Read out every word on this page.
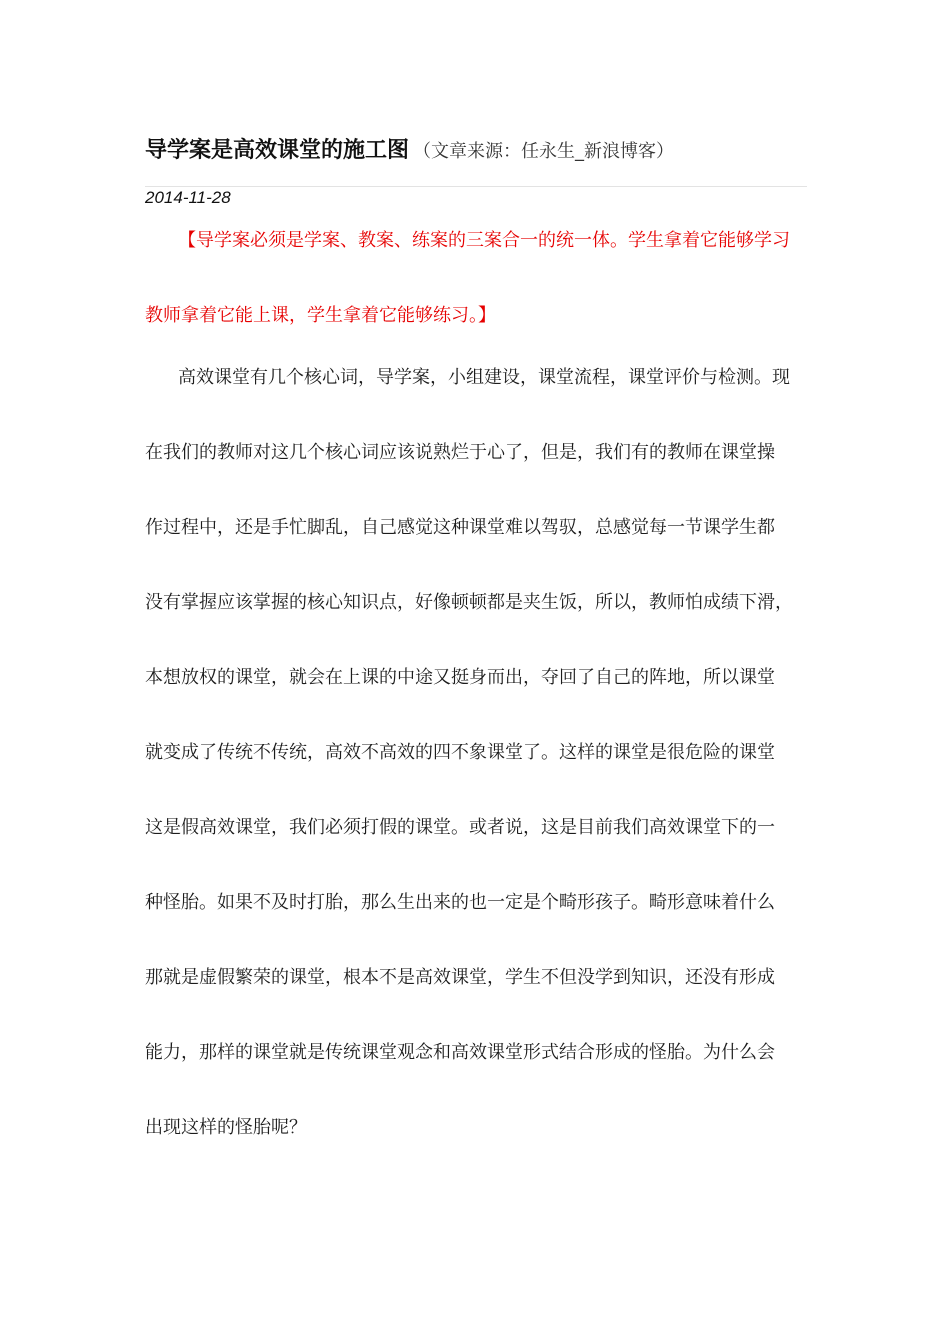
导学案是高效课堂的施工图 （文章来源：任永生_新浪博客）
2014-11-28
【导学案必须是学案、教案、练案的三案合一的统一体。学生拿着它能够学习
教师拿着它能上课，学生拿着它能够练习。】
高效课堂有几个核心词，导学案，小组建设，课堂流程，课堂评价与检测。现
在我们的教师对这几个核心词应该说熟烂于心了，但是，我们有的教师在课堂操
作过程中，还是手忙脚乱，自己感觉这种课堂难以驾驭，总感觉每一节课学生都
没有掌握应该掌握的核心知识点，好像顿顿都是夹生饭，所以，教师怕成绩下滑，
本想放权的课堂，就会在上课的中途又挺身而出，夺回了自己的阵地，所以课堂
就变成了传统不传统，高效不高效的四不象课堂了。这样的课堂是很危险的课堂
这是假高效课堂，我们必须打假的课堂。或者说，这是目前我们高效课堂下的一
种怪胎。如果不及时打胎，那么生出来的也一定是个畸形孩子。畸形意味着什么
那就是虚假繁荣的课堂，根本不是高效课堂，学生不但没学到知识，还没有形成
能力，那样的课堂就是传统课堂观念和高效课堂形式结合形成的怪胎。为什么会
出现这样的怪胎呢？
